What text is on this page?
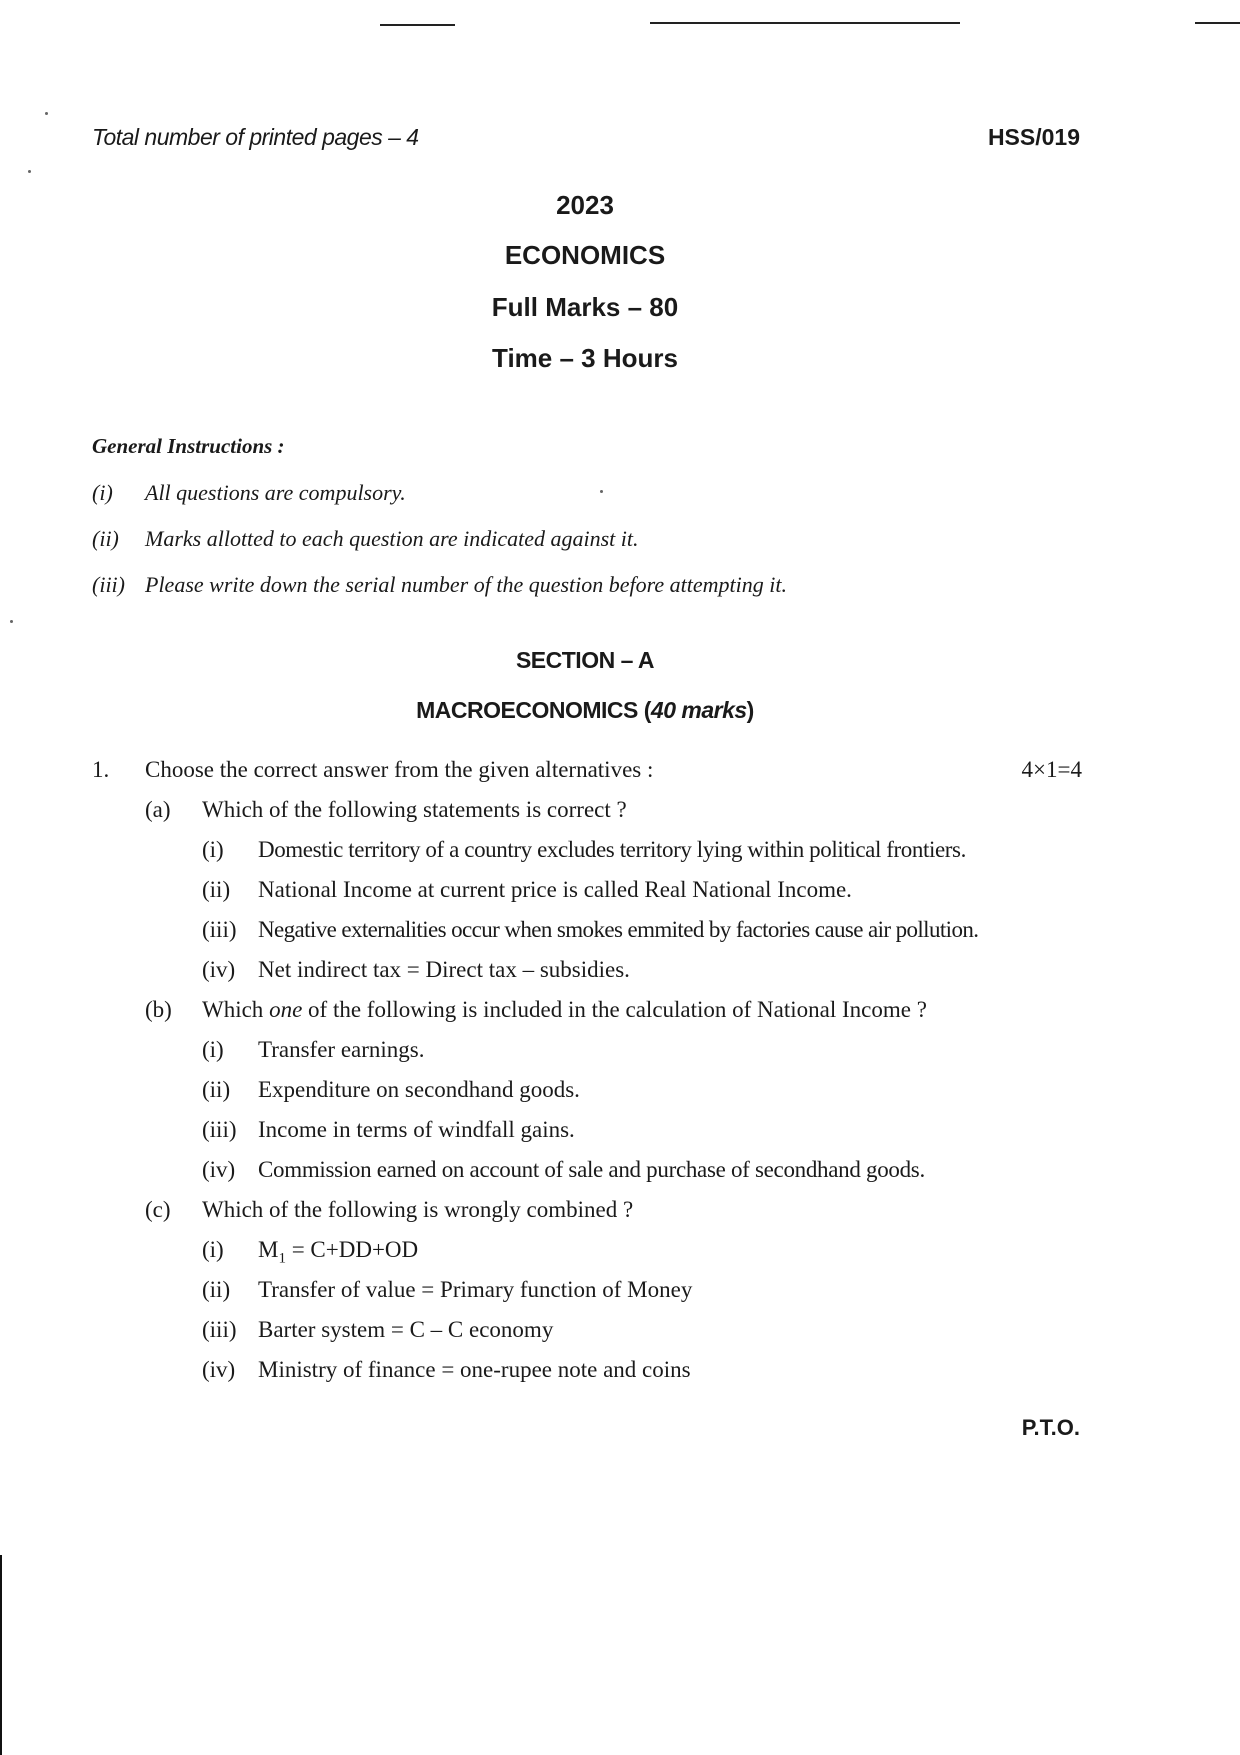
Total number of printed pages – 4	HSS/019
2023
ECONOMICS
Full Marks – 80
Time – 3 Hours
General Instructions :
(i) All questions are compulsory.
(ii) Marks allotted to each question are indicated against it.
(iii) Please write down the serial number of the question before attempting it.
SECTION – A
MACROECONOMICS (40 marks)
1. Choose the correct answer from the given alternatives :	4×1=4
(a) Which of the following statements is correct ?
(i) Domestic territory of a country excludes territory lying within political frontiers.
(ii) National Income at current price is called Real National Income.
(iii) Negative externalities occur when smokes emmited by factories cause air pollution.
(iv) Net indirect tax = Direct tax – subsidies.
(b) Which one of the following is included in the calculation of National Income ?
(i) Transfer earnings.
(ii) Expenditure on secondhand goods.
(iii) Income in terms of windfall gains.
(iv) Commission earned on account of sale and purchase of secondhand goods.
(c) Which of the following is wrongly combined ?
(i) $M_1 = C+DD+OD$
(ii) Transfer of value = Primary function of Money
(iii) Barter system = C – C economy
(iv) Ministry of finance = one-rupee note and coins
P.T.O.
